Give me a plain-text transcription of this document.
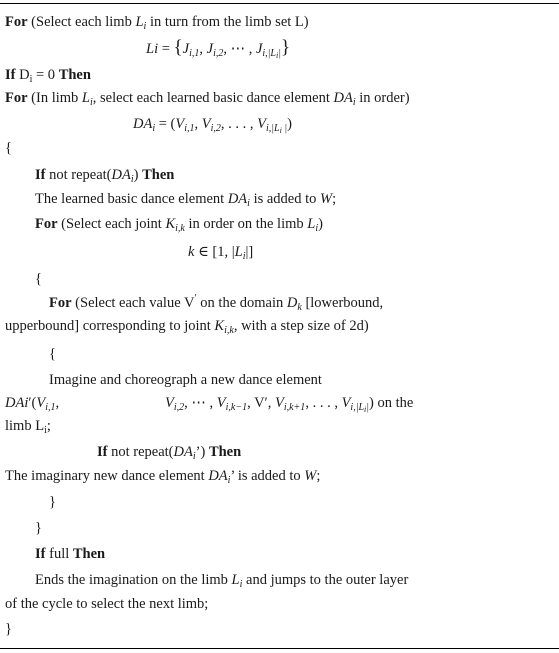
For (Select each limb $L_i$ in turn from the limb set L)
$Li = \{J_{i,1}$, $J_{i,2}$, ⋯ , $J_{i,|L_i|}$}
If $D_i = 0$ Then
For (In limb $L_i$, select each learned basic dance element $DA_i$ in order)
$DA_i = (V_{i,1}$, $V_{i,2}$, . . . , $V_{i,|L_i |}$)
{
If not $repeat(DA_i)$ Then
The learned basic dance element $DA_i$ is added to W;
For (Select each joint $K_{i,k}$ in order on the limb $L_i$)
k ∈ [1, $|L_i|$]
{
For (Select each value V′ on the domain $D_k$ [lowerbound,
upperbound] corresponding to joint $K_{i,k}$, with a step size of 2d)
{
Imagine and choreograph a new dance element
$DAi'(V_{i,1}$,	$V_{i,2}$, ⋯ , $V_{i,k-1}$, V′, $V_{i,k+1}$, . . . , $V_{i,|L_i|}$) on the
limb $L_i$;
If not $repeat(DA_i’)$ Then
The imaginary new dance element $DA_i$’ is added to W;
}
}
If full Then
Ends the imagination on the limb $L_i$ and jumps to the outer layer
of the cycle to select the next limb;
}
